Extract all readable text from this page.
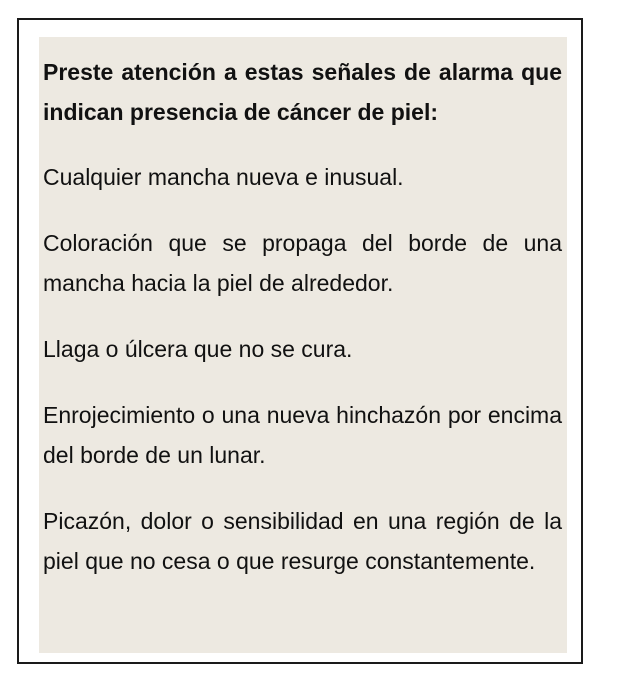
Preste atención a estas señales de alarma que indican presencia de cáncer de piel:

Cualquier mancha nueva e inusual.

Coloración que se propaga del borde de una mancha hacia la piel de alrededor.

Llaga o úlcera que no se cura.

Enrojecimiento o una nueva hinchazón por encima del borde de un lunar.

Picazón, dolor o sensibilidad en una región de la piel que no cesa o que resurge constantemente.
